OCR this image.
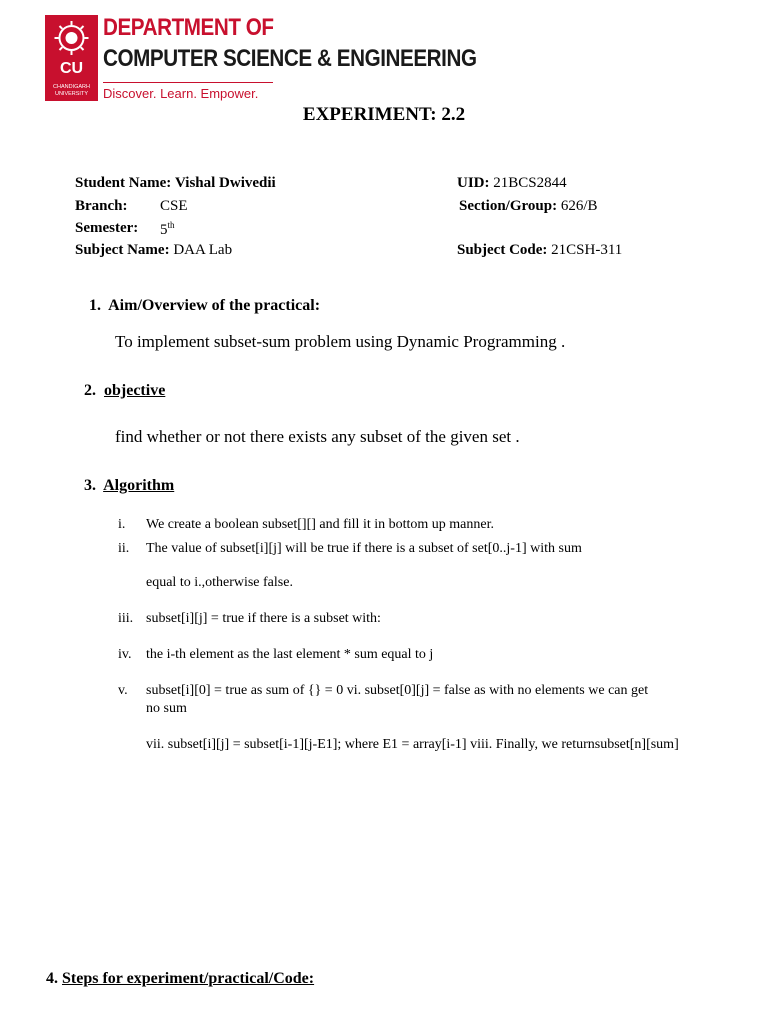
CU
CHANDIGARH UNIVERSITY
DEPARTMENT OF
COMPUTER SCIENCE & ENGINEERING
Discover. Learn. Empower.
EXPERIMENT: 2.2
Student Name: Vishal Dwivedii	UID: 21BCS2844
Branch: CSE	Section/Group: 626/B
Semester: 5th
Subject Name: DAA Lab	Subject Code: 21CSH-311
1. Aim/Overview of the practical:
To implement subset-sum problem using Dynamic Programming .
2. objective
find whether or not there exists any subset of the given set .
3. Algorithm
i. We create a boolean subset[][] and fill it in bottom up manner.
ii. The value of subset[i][j] will be true if there is a subset of set[0..j-1] with sum
equal to i.,otherwise false.
iii. subset[i][j] = true if there is a subset with:
iv. the i-th element as the last element * sum equal to j
v. subset[i][0] = true as sum of {} = 0 vi. subset[0][j] = false as with no elements we can get
no sum
vii. subset[i][j] = subset[i-1][j-E1]; where E1 = array[i-1] viii. Finally, we returnsubset[n][sum]
4. Steps for experiment/practical/Code:
